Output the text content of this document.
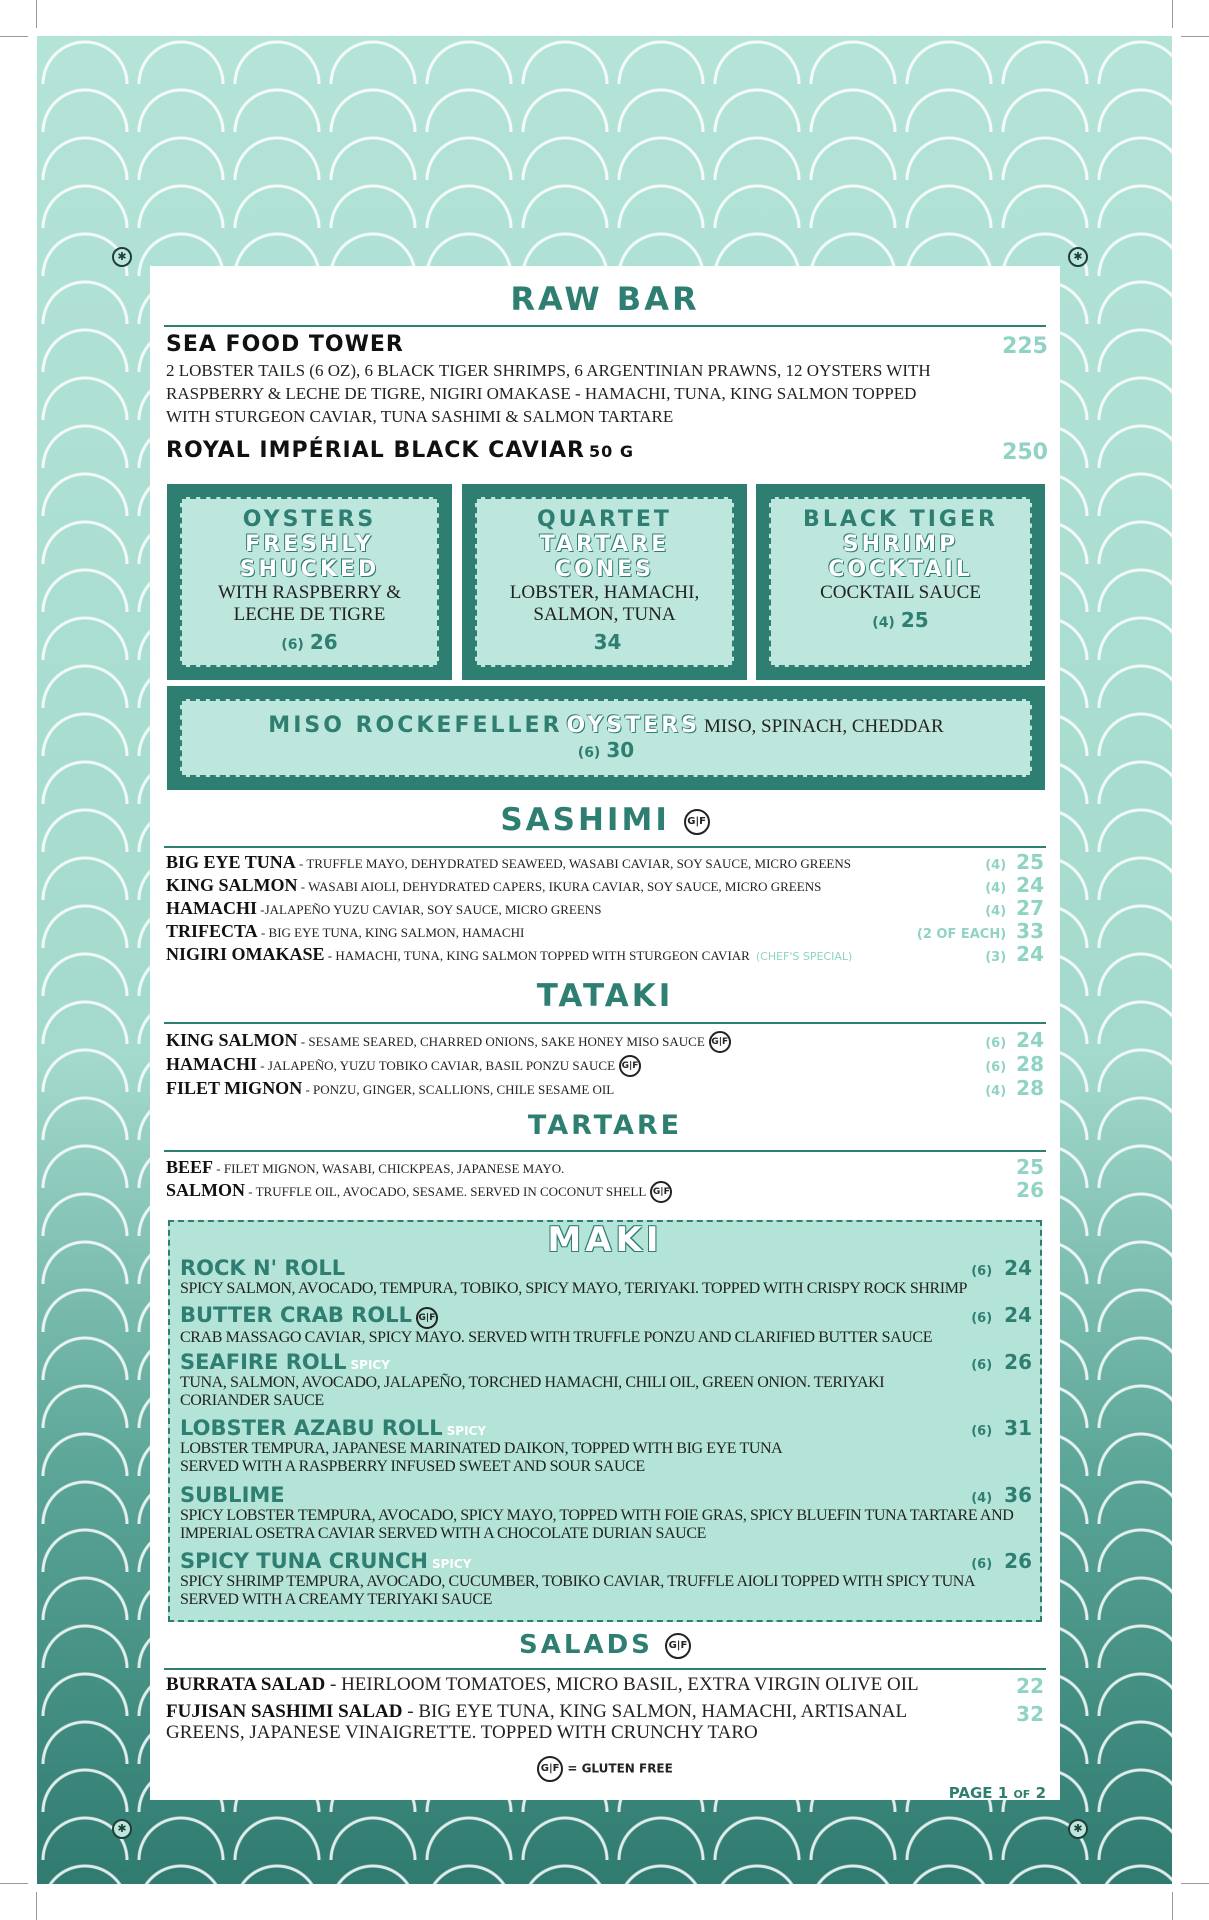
✱	✱
✱	✱
RAW BAR
SEA FOOD TOWER
2 LOBSTER TAILS (6 OZ), 6 BLACK TIGER SHRIMPS, 6 ARGENTINIAN PRAWNS, 12 OYSTERS WITH RASPBERRY & LECHE DE TIGRE, NIGIRI OMAKASE - HAMACHI, TUNA, KING SALMON TOPPED WITH STURGEON CAVIAR, TUNA SASHIMI & SALMON TARTARE
225
ROYAL IMPÉRIAL BLACK CAVIAR 50 G	250
OYSTERS
FRESHLY
SHUCKED
WITH RASPBERRY & LECHE DE TIGRE
(6) 26
QUARTET
TARTARE
CONES
LOBSTER, HAMACHI, SALMON, TUNA
34
BLACK TIGER
SHRIMP
COCKTAIL
COCKTAIL SAUCE
(4) 25
MISO ROCKEFELLER OYSTERS MISO, SPINACH, CHEDDAR
(6) 30
SASHIMI G|F
BIG EYE TUNA - TRUFFLE MAYO, DEHYDRATED SEAWEED, WASABI CAVIAR, SOY SAUCE, MICRO GREENS	(4) 25
KING SALMON - WASABI AIOLI, DEHYDRATED CAPERS, IKURA CAVIAR, SOY SAUCE, MICRO GREENS	(4) 24
HAMACHI -JALAPEÑO YUZU CAVIAR, SOY SAUCE, MICRO GREENS	(4) 27
TRIFECTA - BIG EYE TUNA, KING SALMON, HAMACHI	(2 OF EACH) 33
NIGIRI OMAKASE - HAMACHI, TUNA, KING SALMON TOPPED WITH STURGEON CAVIAR (CHEF'S SPECIAL)	(3) 24
TATAKI
KING SALMON - SESAME SEARED, CHARRED ONIONS, SAKE HONEY MISO SAUCE G|F	(6) 24
HAMACHI - JALAPEÑO, YUZU TOBIKO CAVIAR, BASIL PONZU SAUCE G|F	(6) 28
FILET MIGNON - PONZU, GINGER, SCALLIONS, CHILE SESAME OIL	(4) 28
TARTARE
BEEF - FILET MIGNON, WASABI, CHICKPEAS, JAPANESE MAYO.	25
SALMON - TRUFFLE OIL, AVOCADO, SESAME. SERVED IN COCONUT SHELL G|F	26
MAKI
ROCK N' ROLL
SPICY SALMON, AVOCADO, TEMPURA, TOBIKO, SPICY MAYO, TERIYAKI. TOPPED WITH CRISPY ROCK SHRIMP
(6) 24
BUTTER CRAB ROLL G|F
CRAB MASSAGO CAVIAR, SPICY MAYO. SERVED WITH TRUFFLE PONZU AND CLARIFIED BUTTER SAUCE
(6) 24
SEAFIRE ROLL SPICY
TUNA, SALMON, AVOCADO, JALAPEÑO, TORCHED HAMACHI, CHILI OIL, GREEN ONION. TERIYAKI CORIANDER SAUCE
(6) 26
LOBSTER AZABU ROLL SPICY
LOBSTER TEMPURA, JAPANESE MARINATED DAIKON, TOPPED WITH BIG EYE TUNA SERVED WITH A RASPBERRY INFUSED SWEET AND SOUR SAUCE
(6) 31
SUBLIME
SPICY LOBSTER TEMPURA, AVOCADO, SPICY MAYO, TOPPED WITH FOIE GRAS, SPICY BLUEFIN TUNA TARTARE AND IMPERIAL OSETRA CAVIAR SERVED WITH A CHOCOLATE DURIAN SAUCE
(4) 36
SPICY TUNA CRUNCH SPICY
SPICY SHRIMP TEMPURA, AVOCADO, CUCUMBER, TOBIKO CAVIAR, TRUFFLE AIOLI TOPPED WITH SPICY TUNA SERVED WITH A CREAMY TERIYAKI SAUCE
(6) 26
SALADS G|F
BURRATA SALAD - HEIRLOOM TOMATOES, MICRO BASIL, EXTRA VIRGIN OLIVE OIL	22
FUJISAN SASHIMI SALAD - BIG EYE TUNA, KING SALMON, HAMACHI, ARTISANAL GREENS, JAPANESE VINAIGRETTE. TOPPED WITH CRUNCHY TARO
32
G|F = GLUTEN FREE
PAGE 1 OF 2
